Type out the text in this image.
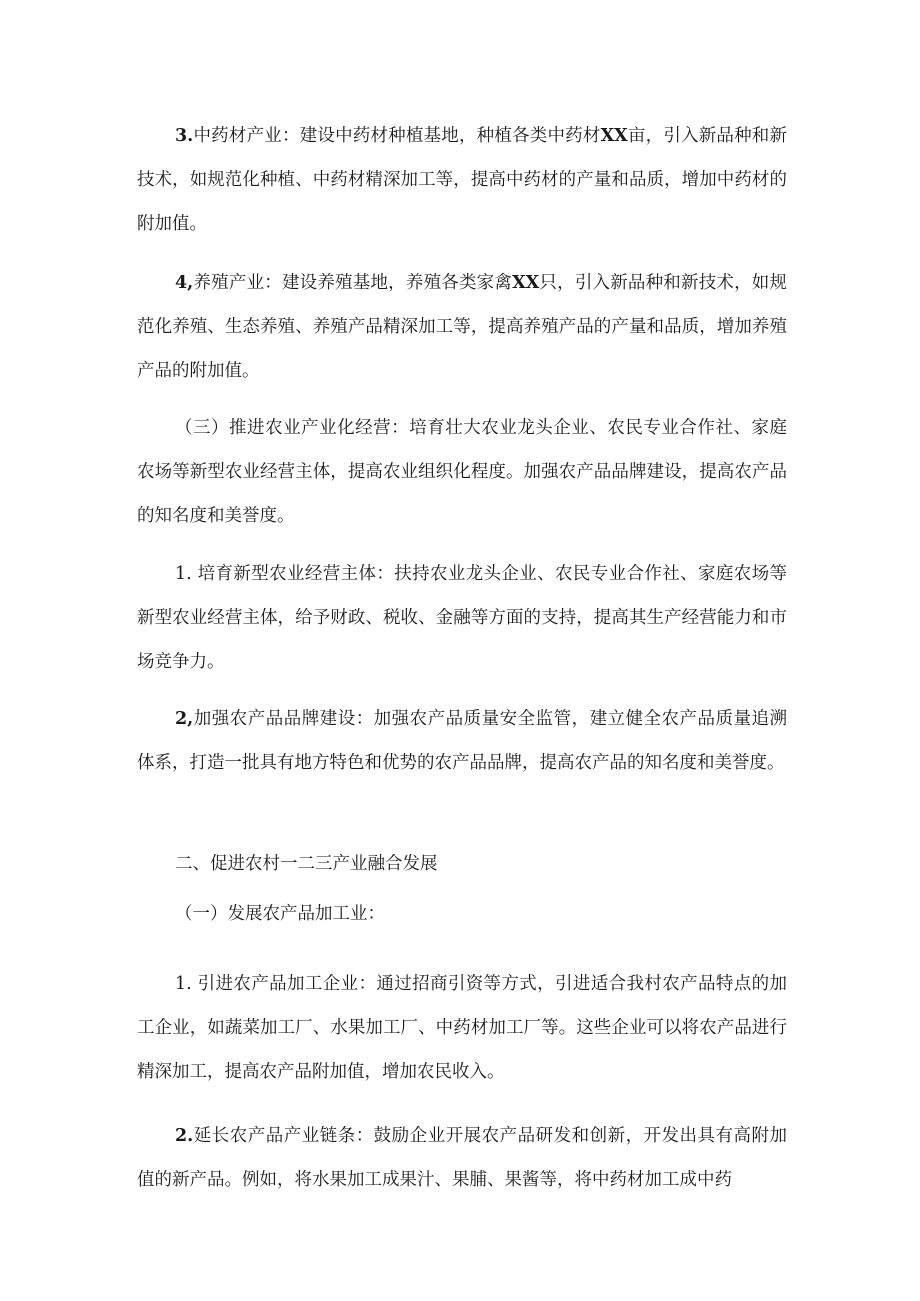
3.中药材产业：建设中药材种植基地，种植各类中药材XX亩，引入新品种和新技术，如规范化种植、中药材精深加工等，提高中药材的产量和品质，增加中药材的附加值。

4,养殖产业：建设养殖基地，养殖各类家禽XX只，引入新品种和新技术，如规范化养殖、生态养殖、养殖产品精深加工等，提高养殖产品的产量和品质，增加养殖产品的附加值。

（三）推进农业产业化经营：培育壮大农业龙头企业、农民专业合作社、家庭农场等新型农业经营主体，提高农业组织化程度。加强农产品品牌建设，提高农产品的知名度和美誉度。

1. 培育新型农业经营主体：扶持农业龙头企业、农民专业合作社、家庭农场等新型农业经营主体，给予财政、税收、金融等方面的支持，提高其生产经营能力和市场竞争力。

2,加强农产品品牌建设：加强农产品质量安全监管，建立健全农产品质量追溯体系，打造一批具有地方特色和优势的农产品品牌，提高农产品的知名度和美誉度。

二、促进农村一二三产业融合发展

（一）发展农产品加工业：

1. 引进农产品加工企业：通过招商引资等方式，引进适合我村农产品特点的加工企业，如蔬菜加工厂、水果加工厂、中药材加工厂等。这些企业可以将农产品进行精深加工，提高农产品附加值，增加农民收入。

2.延长农产品产业链条：鼓励企业开展农产品研发和创新，开发出具有高附加值的新产品。例如，将水果加工成果汁、果脯、果酱等，将中药材加工成中药
